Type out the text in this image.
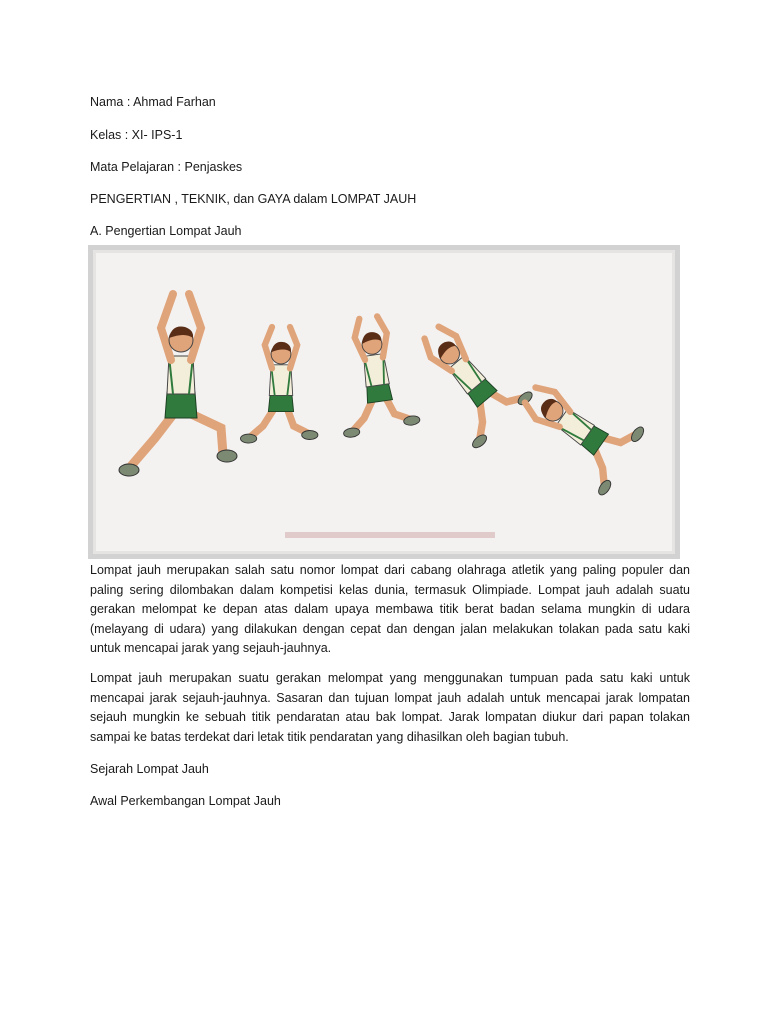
Nama : Ahmad Farhan
Kelas : XI- IPS-1
Mata Pelajaran : Penjaskes
PENGERTIAN , TEKNIK, dan GAYA dalam LOMPAT JAUH
A. Pengertian Lompat Jauh
Lompat jauh merupakan salah satu nomor lompat dari cabang olahraga atletik yang paling populer dan paling sering dilombakan dalam kompetisi kelas dunia, termasuk Olimpiade. Lompat jauh adalah suatu gerakan melompat ke depan atas dalam upaya membawa titik berat badan selama mungkin di udara (melayang di udara) yang dilakukan dengan cepat dan dengan jalan melakukan tolakan pada satu kaki untuk mencapai jarak yang sejauh-jauhnya.
Lompat jauh merupakan suatu gerakan melompat yang menggunakan tumpuan pada satu kaki untuk mencapai jarak sejauh-jauhnya. Sasaran dan tujuan lompat jauh adalah untuk mencapai jarak lompatan sejauh mungkin ke sebuah titik pendaratan atau bak lompat. Jarak lompatan diukur dari papan tolakan sampai ke batas terdekat dari letak titik pendaratan yang dihasilkan oleh bagian tubuh.
Sejarah Lompat Jauh
Awal Perkembangan Lompat Jauh
